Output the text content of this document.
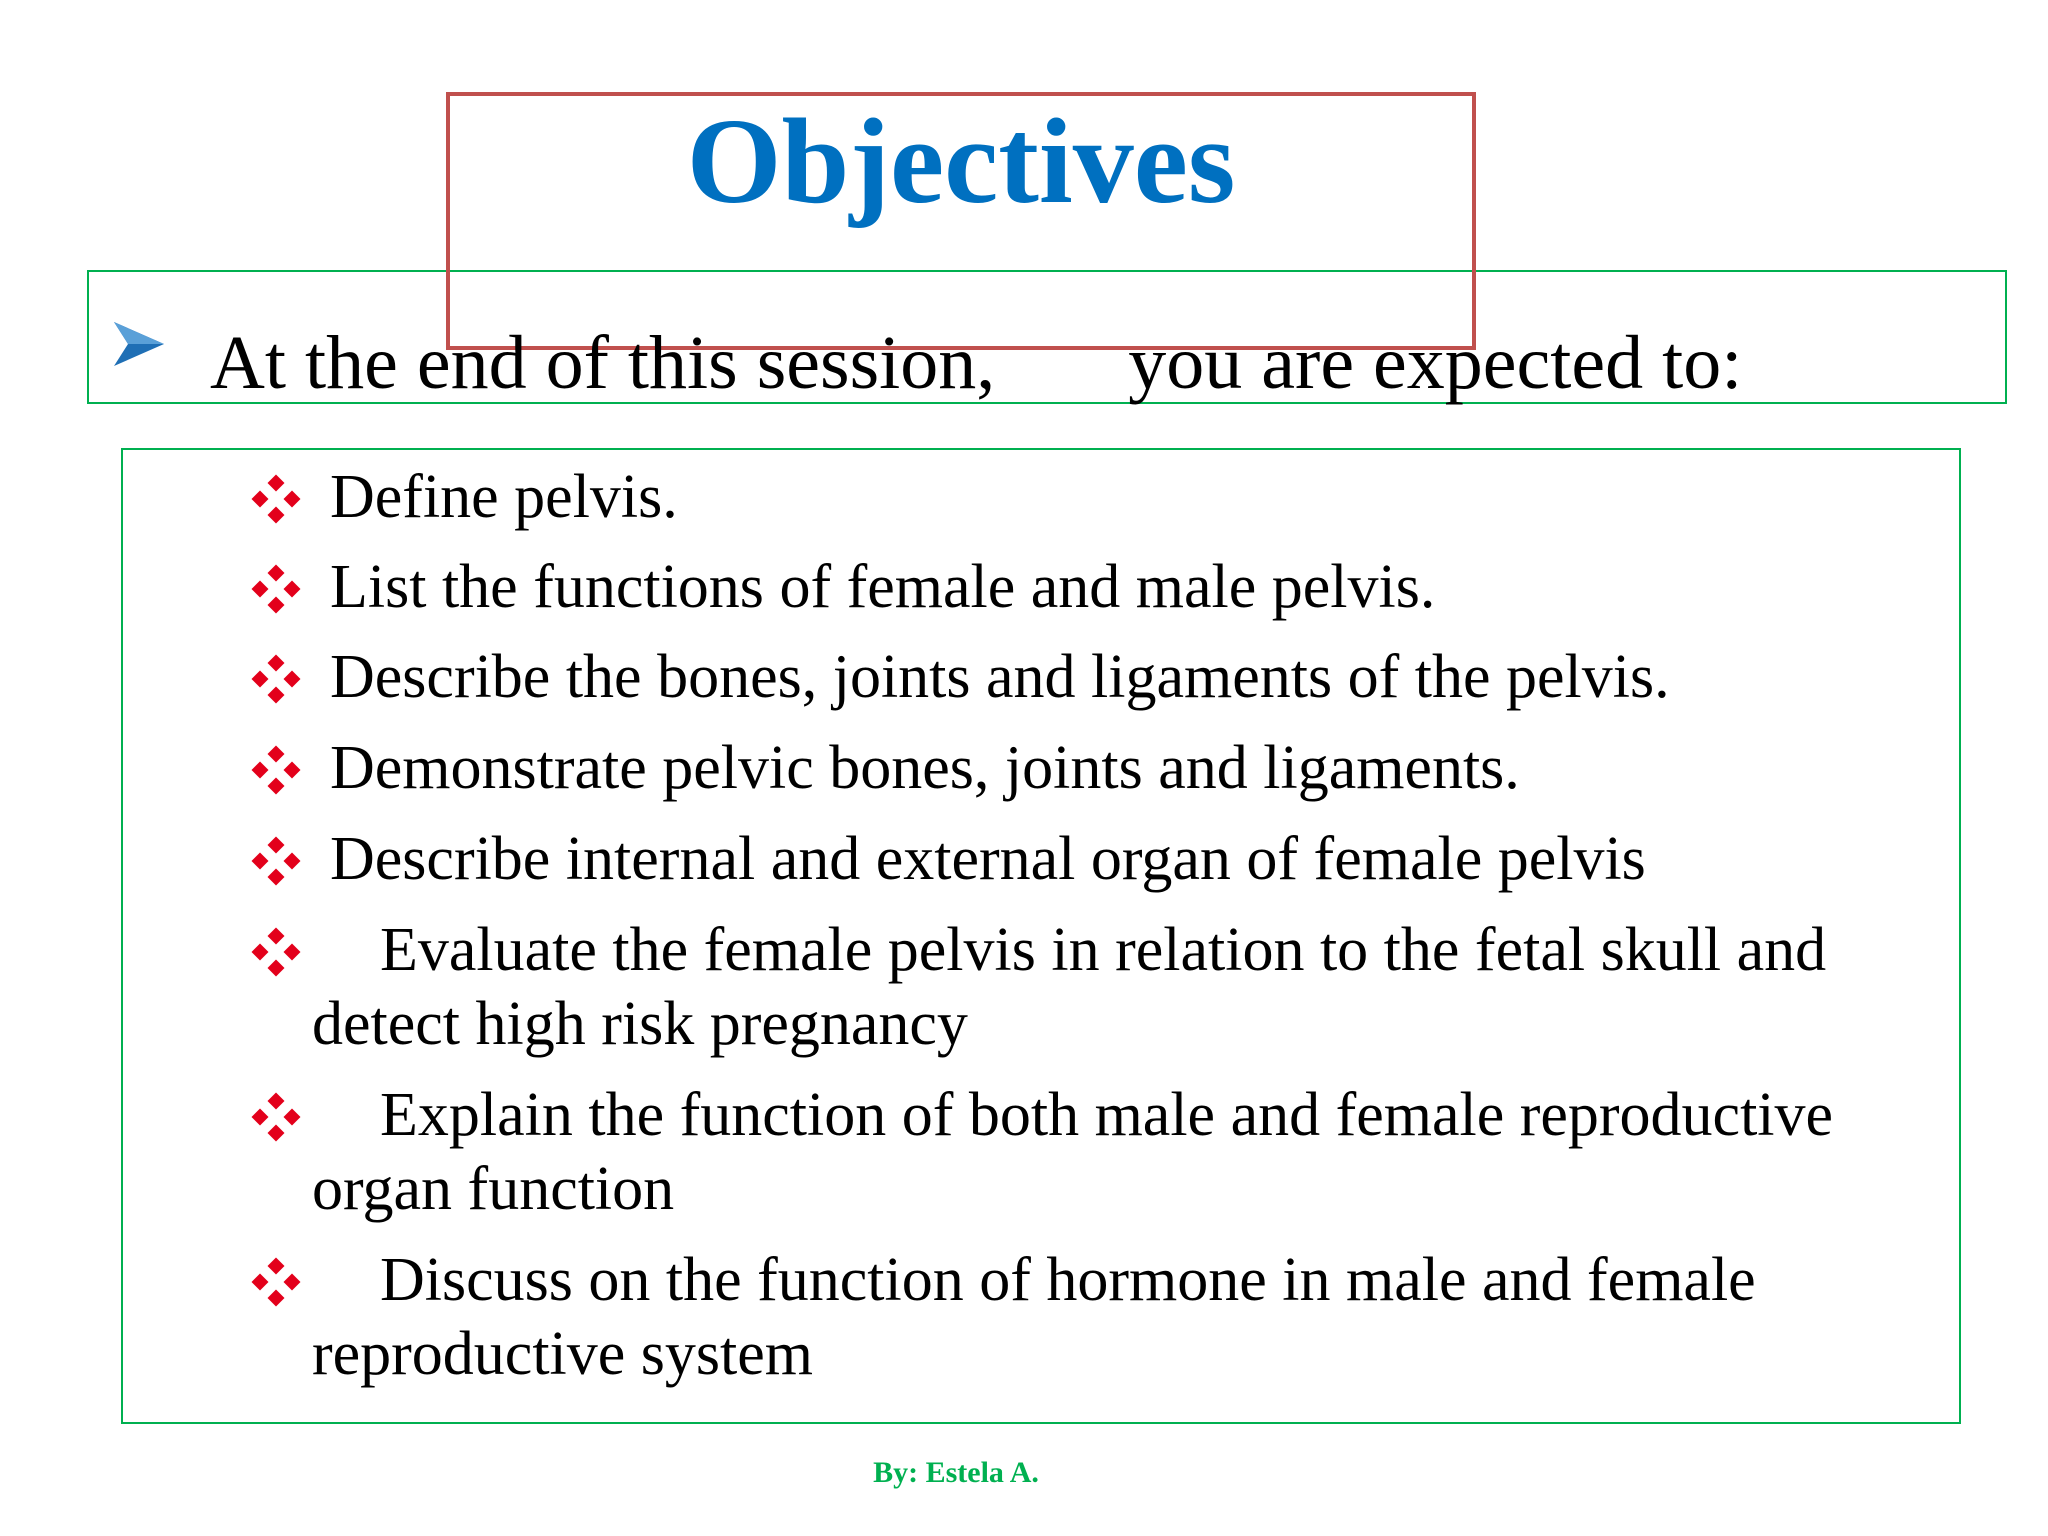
Objectives
At the end of this session,       you are expected to:
Define pelvis.
List the functions of female and male pelvis.
Describe the bones, joints and ligaments of the pelvis.
Demonstrate pelvic bones, joints and ligaments.
Describe internal and external organ of female pelvis
Evaluate the female pelvis in relation to the fetal skull and detect high risk pregnancy
Explain the function of both male and female reproductive organ function
Discuss on the function of hormone in male and female reproductive system
By: Estela A.
